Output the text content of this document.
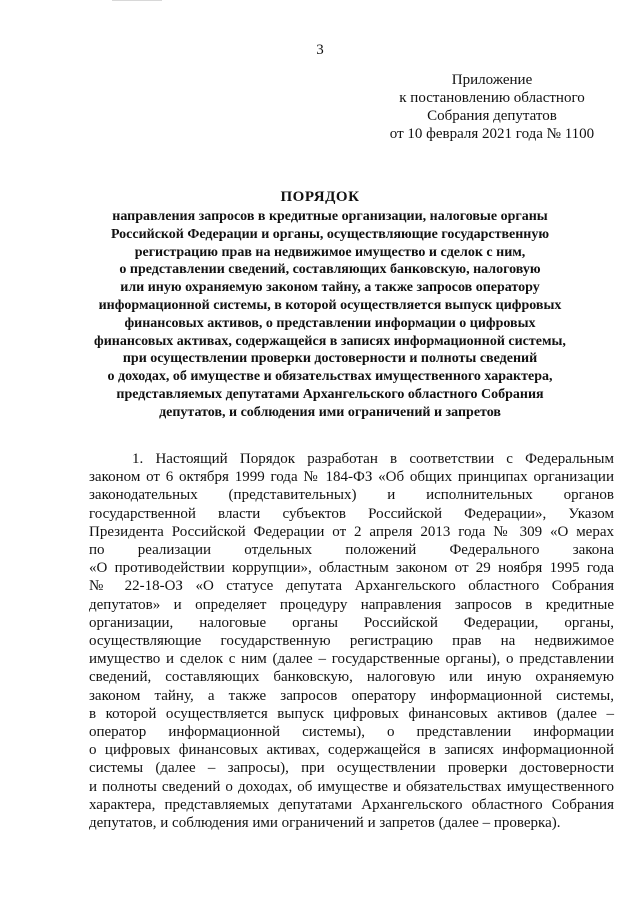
3
Приложение
к постановлению областного
Собрания депутатов
от 10 февраля 2021 года № 1100
ПОРЯДОК
направления запросов в кредитные организации, налоговые органы
Российской Федерации и органы, осуществляющие государственную
регистрацию прав на недвижимое имущество и сделок с ним,
о представлении сведений, составляющих банковскую, налоговую
или иную охраняемую законом тайну, а также запросов оператору
информационной системы, в которой осуществляется выпуск цифровых
финансовых активов, о представлении информации о цифровых
финансовых активах, содержащейся в записях информационной системы,
при осуществлении проверки достоверности и полноты сведений
о доходах, об имуществе и обязательствах имущественного характера,
представляемых депутатами Архангельского областного Собрания
депутатов, и соблюдения ими ограничений и запретов
1. Настоящий Порядок разработан в соответствии с Федеральным
законом от 6 октября 1999 года № 184-ФЗ «Об общих принципах организации
законодательных (представительных) и исполнительных органов
государственной власти субъектов Российской Федерации», Указом
Президента Российской Федерации от 2 апреля 2013 года № 309 «О мерах
по реализации отдельных положений Федерального закона
«О противодействии коррупции», областным законом от 29 ноября 1995 года
№ 22-18-ОЗ «О статусе депутата Архангельского областного Собрания
депутатов» и определяет процедуру направления запросов в кредитные
организации, налоговые органы Российской Федерации, органы,
осуществляющие государственную регистрацию прав на недвижимое
имущество и сделок с ним (далее – государственные органы), о представлении
сведений, составляющих банковскую, налоговую или иную охраняемую
законом тайну, а также запросов оператору информационной системы,
в которой осуществляется выпуск цифровых финансовых активов (далее –
оператор информационной системы), о представлении информации
о цифровых финансовых активах, содержащейся в записях информационной
системы (далее – запросы), при осуществлении проверки достоверности
и полноты сведений о доходах, об имуществе и обязательствах имущественного
характера, представляемых депутатами Архангельского областного Собрания
депутатов, и соблюдения ими ограничений и запретов (далее – проверка).
